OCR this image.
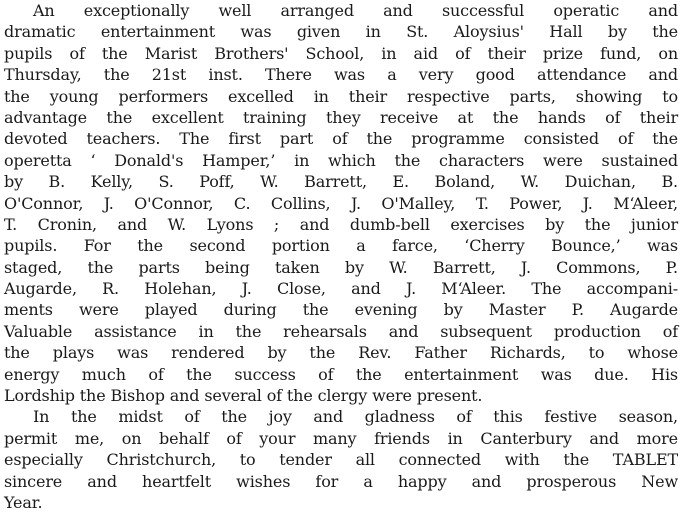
An exceptionally well arranged and successful operatic and
dramatic entertainment was given in St. Aloysius' Hall by the
pupils of the Marist Brothers' School, in aid of their prize fund, on
Thursday, the 21st inst. There was a very good attendance and
the young performers excelled in their respective parts, showing to
advantage the excellent training they receive at the hands of their
devoted teachers. The first part of the programme consisted of the
operetta ‘ Donald's Hamper,’ in which the characters were sustained
by B. Kelly, S. Poff, W. Barrett, E. Boland, W. Duichan, B.
O'Connor, J. O'Connor, C. Collins, J. O'Malley, T. Power, J. M‘Aleer,
T. Cronin, and W. Lyons ; and dumb-bell exercises by the junior
pupils. For the second portion a farce, ‘Cherry Bounce,’ was
staged, the parts being taken by W. Barrett, J. Commons, P.
Augarde, R. Holehan, J. Close, and J. M‘Aleer. The accompani-
ments were played during the evening by Master P. Augarde
Valuable assistance in the rehearsals and subsequent production of
the plays was rendered by the Rev. Father Richards, to whose
energy much of the success of the entertainment was due. His
Lordship the Bishop and several of the clergy were present.
In the midst of the joy and gladness of this festive season,
permit me, on behalf of your many friends in Canterbury and more
especially Christchurch, to tender all connected with the TABLET
sincere and heartfelt wishes for a happy and prosperous New
Year.
